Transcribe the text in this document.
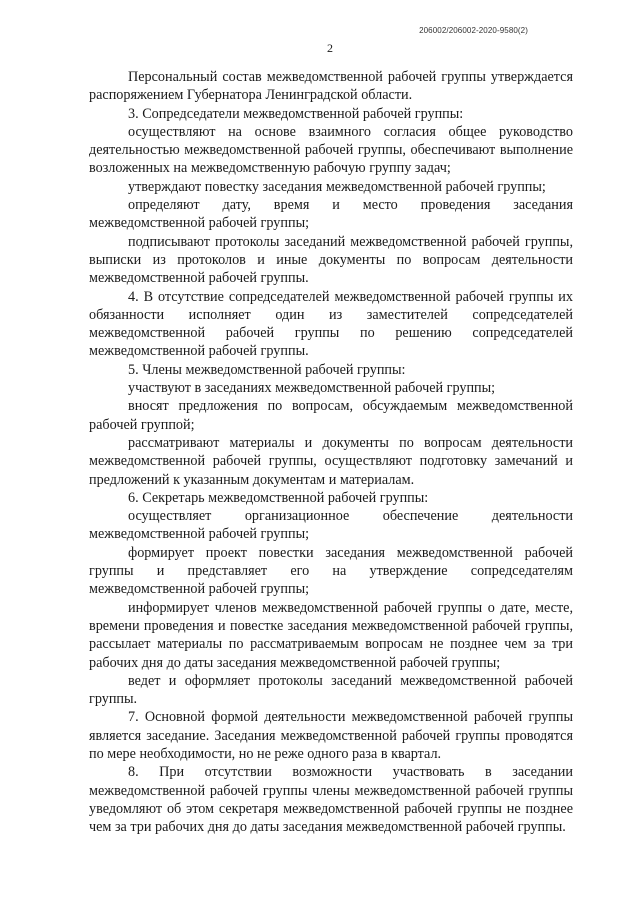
206002/206002-2020-9580(2)
2

Персональный состав межведомственной рабочей группы утверждается распоряжением Губернатора Ленинградской области.

3. Сопредседатели межведомственной рабочей группы:

осуществляют на основе взаимного согласия общее руководство деятельностью межведомственной рабочей группы, обеспечивают выполнение возложенных на межведомственную рабочую группу задач;

утверждают повестку заседания межведомственной рабочей группы;

определяют дату, время и место проведения заседания межведомственной рабочей группы;

подписывают протоколы заседаний межведомственной рабочей группы, выписки из протоколов и иные документы по вопросам деятельности межведомственной рабочей группы.

4. В отсутствие сопредседателей межведомственной рабочей группы их обязанности исполняет один из заместителей сопредседателей межведомственной рабочей группы по решению сопредседателей межведомственной рабочей группы.

5. Члены межведомственной рабочей группы:

участвуют в заседаниях межведомственной рабочей группы;

вносят предложения по вопросам, обсуждаемым межведомственной рабочей группой;

рассматривают материалы и документы по вопросам деятельности межведомственной рабочей группы, осуществляют подготовку замечаний и предложений к указанным документам и материалам.

6. Секретарь межведомственной рабочей группы:

осуществляет организационное обеспечение деятельности межведомственной рабочей группы;

формирует проект повестки заседания межведомственной рабочей группы и представляет его на утверждение сопредседателям межведомственной рабочей группы;

информирует членов межведомственной рабочей группы о дате, месте, времени проведения и повестке заседания межведомственной рабочей группы, рассылает материалы по рассматриваемым вопросам не позднее чем за три рабочих дня до даты заседания межведомственной рабочей группы;

ведет и оформляет протоколы заседаний межведомственной рабочей группы.

7. Основной формой деятельности межведомственной рабочей группы является заседание. Заседания межведомственной рабочей группы проводятся по мере необходимости, но не реже одного раза в квартал.

8. При отсутствии возможности участвовать в заседании межведомственной рабочей группы члены межведомственной рабочей группы уведомляют об этом секретаря межведомственной рабочей группы не позднее чем за три рабочих дня до даты заседания межведомственной рабочей группы.
